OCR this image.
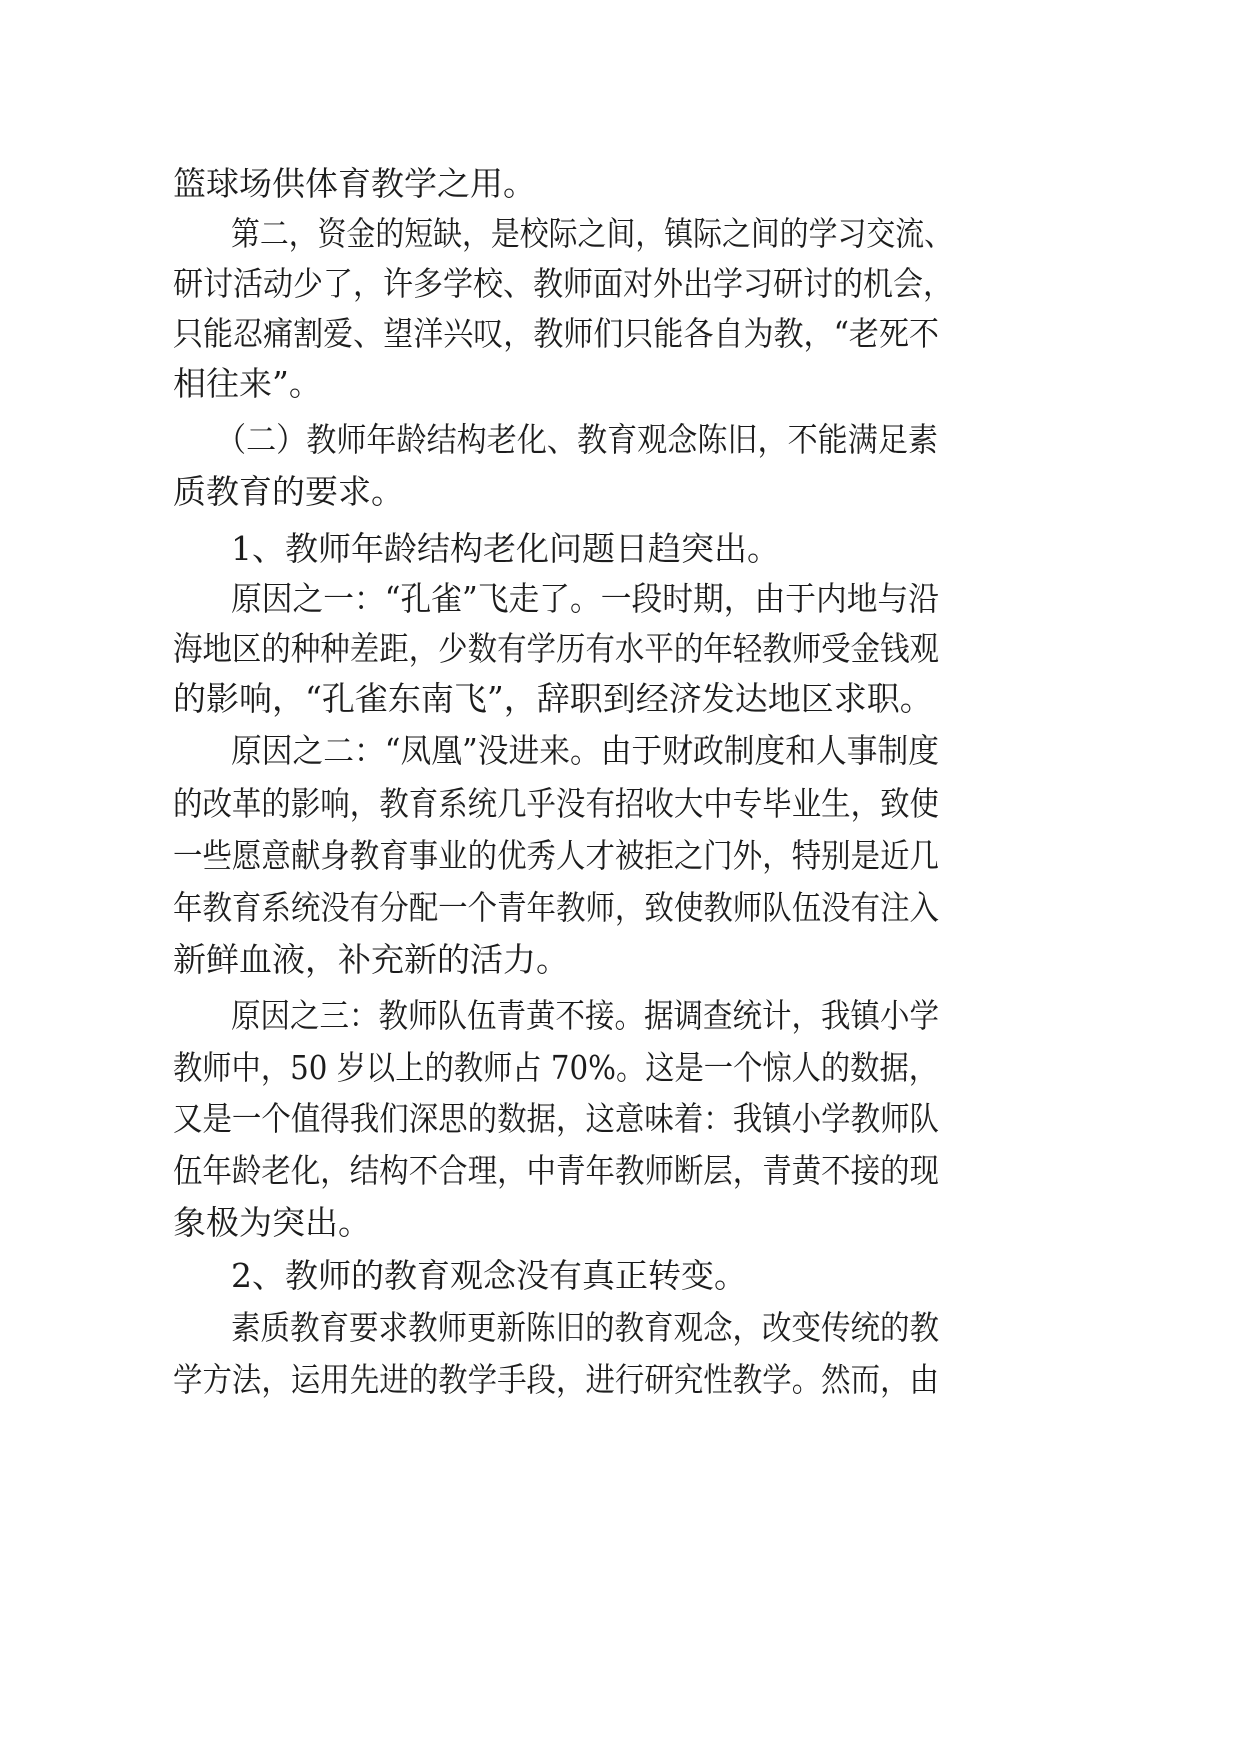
篮球场供体育教学之用。
第二，资金的短缺，是校际之间，镇际之间的学习交流、
研讨活动少了，许多学校、教师面对外出学习研讨的机会，
只能忍痛割爱、望洋兴叹，教师们只能各自为教，“老死不
相往来”。
（二）教师年龄结构老化、教育观念陈旧，不能满足素
质教育的要求。
1、教师年龄结构老化问题日趋突出。
原因之一：“孔雀”飞走了。一段时期，由于内地与沿
海地区的种种差距，少数有学历有水平的年轻教师受金钱观
的影响，“孔雀东南飞”，辞职到经济发达地区求职。
原因之二：“凤凰”没进来。由于财政制度和人事制度
的改革的影响，教育系统几乎没有招收大中专毕业生，致使
一些愿意献身教育事业的优秀人才被拒之门外，特别是近几
年教育系统没有分配一个青年教师，致使教师队伍没有注入
新鲜血液，补充新的活力。
原因之三：教师队伍青黄不接。据调查统计，我镇小学
教师中，50 岁以上的教师占 70%。这是一个惊人的数据，
又是一个值得我们深思的数据，这意味着：我镇小学教师队
伍年龄老化，结构不合理，中青年教师断层，青黄不接的现
象极为突出。
2、教师的教育观念没有真正转变。
素质教育要求教师更新陈旧的教育观念，改变传统的教
学方法，运用先进的教学手段，进行研究性教学。然而，由
